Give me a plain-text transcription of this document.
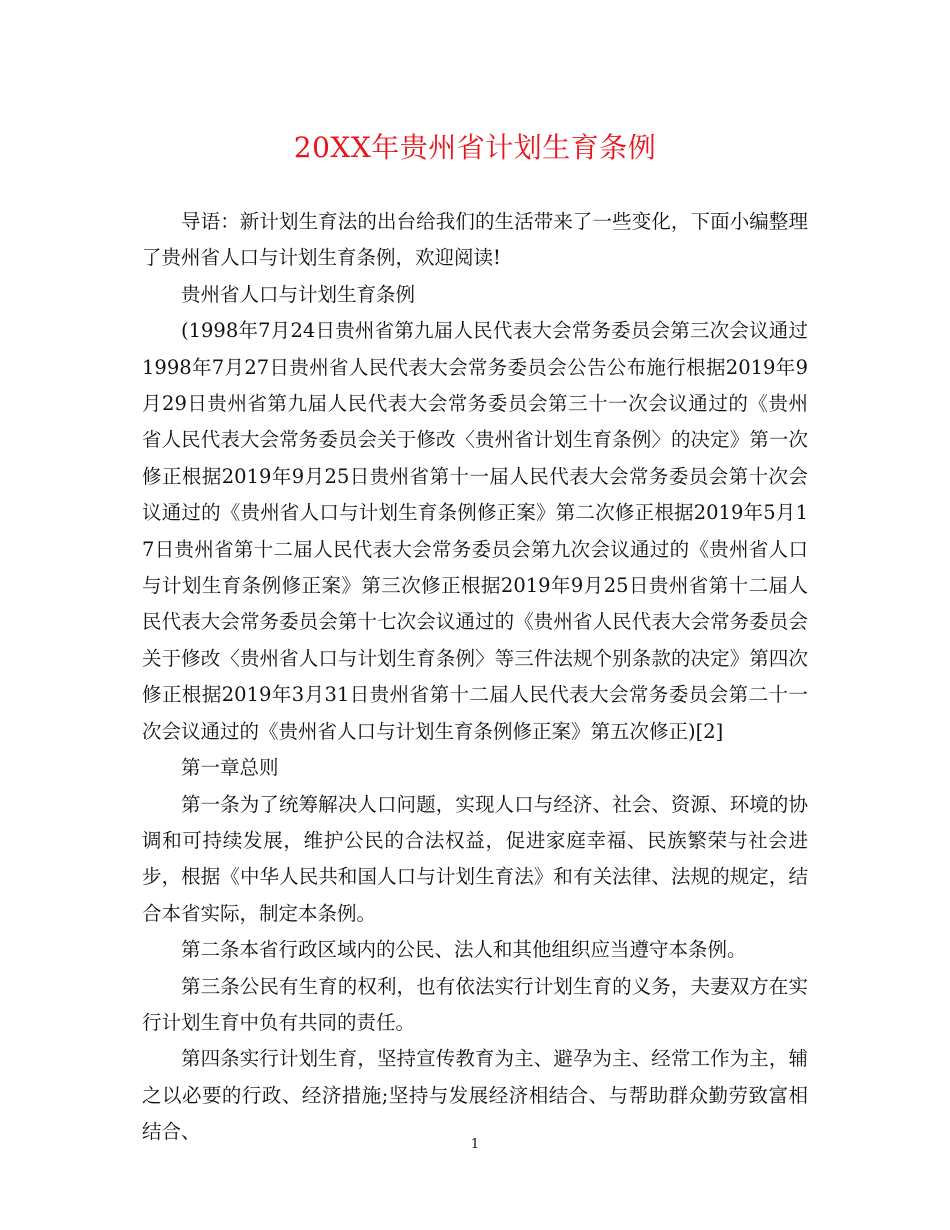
20XX年贵州省计划生育条例

导语：新计划生育法的出台给我们的生活带来了一些变化，下面小编整理了贵州省人口与计划生育条例，欢迎阅读!

贵州省人口与计划生育条例

(1998年7月24日贵州省第九届人民代表大会常务委员会第三次会议通过1998年7月27日贵州省人民代表大会常务委员会公告公布施行根据2019年9月29日贵州省第九届人民代表大会常务委员会第三十一次会议通过的《贵州省人民代表大会常务委员会关于修改〈贵州省计划生育条例〉的决定》第一次修正根据2019年9月25日贵州省第十一届人民代表大会常务委员会第十次会议通过的《贵州省人口与计划生育条例修正案》第二次修正根据2019年5月17日贵州省第十二届人民代表大会常务委员会第九次会议通过的《贵州省人口与计划生育条例修正案》第三次修正根据2019年9月25日贵州省第十二届人民代表大会常务委员会第十七次会议通过的《贵州省人民代表大会常务委员会关于修改〈贵州省人口与计划生育条例〉等三件法规个别条款的决定》第四次修正根据2019年3月31日贵州省第十二届人民代表大会常务委员会第二十一次会议通过的《贵州省人口与计划生育条例修正案》第五次修正)[2]

第一章总则

第一条为了统筹解决人口问题，实现人口与经济、社会、资源、环境的协调和可持续发展，维护公民的合法权益，促进家庭幸福、民族繁荣与社会进步，根据《中华人民共和国人口与计划生育法》和有关法律、法规的规定，结合本省实际，制定本条例。

第二条本省行政区域内的公民、法人和其他组织应当遵守本条例。

第三条公民有生育的权利，也有依法实行计划生育的义务，夫妻双方在实行计划生育中负有共同的责任。

第四条实行计划生育，坚持宣传教育为主、避孕为主、经常工作为主，辅之以必要的行政、经济措施;坚持与发展经济相结合、与帮助群众勤劳致富相结合、

1
